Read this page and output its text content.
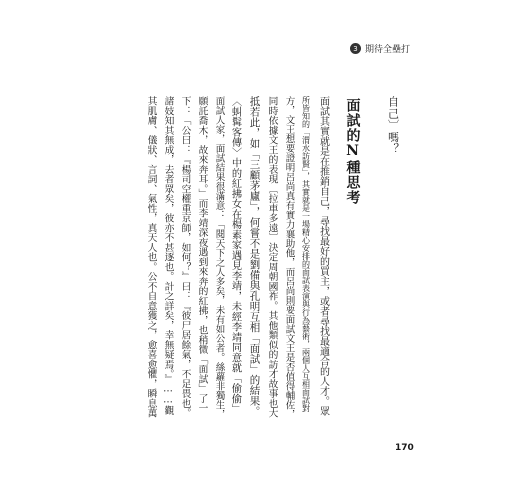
3 期待全壘打
自己〕嗎？
面試的N種思考
面試其實就是在推銷自己，尋找最好的買主，或者尋找最適合的人才。眾
所皆知的「渭水訪賢」，其實就是一場精心安排的面試表演與行為藝術，兩個人互相面試對
方，文王想要證明呂尚真有實力襄助他，而呂尚則要面試文王是否值得輔佐，
同時依據文王的表現〔拉車多遠〕決定周朝國祚。其他類似的訪才故事也大
抵若此，如「三顧茅廬」，何嘗不是劉備與孔明互相「面試」的結果。
〈虯髯客傳〉中的紅拂女在楊素家遇見李靖，未經李靖同意就「偷偷」
面試人家，面試結果很滿意：「閱天下之人多矣，未有如公者。絲蘿非獨生，
願託喬木，故來奔耳。」而李靖深夜遇到來奔的紅拂，也稍微「面試」了一
下：「公曰：『楊司空權重京師，如何？』曰：『彼尸居餘氣，不足畏也。
諸妓知其無成，去者眾矣，彼亦不甚逐也。計之詳矣，幸無疑焉。』……觀
其肌膚、儀狀、言詞、氣性，真天人也。公不自意獲之，愈喜愈懼，瞬息萬
170
